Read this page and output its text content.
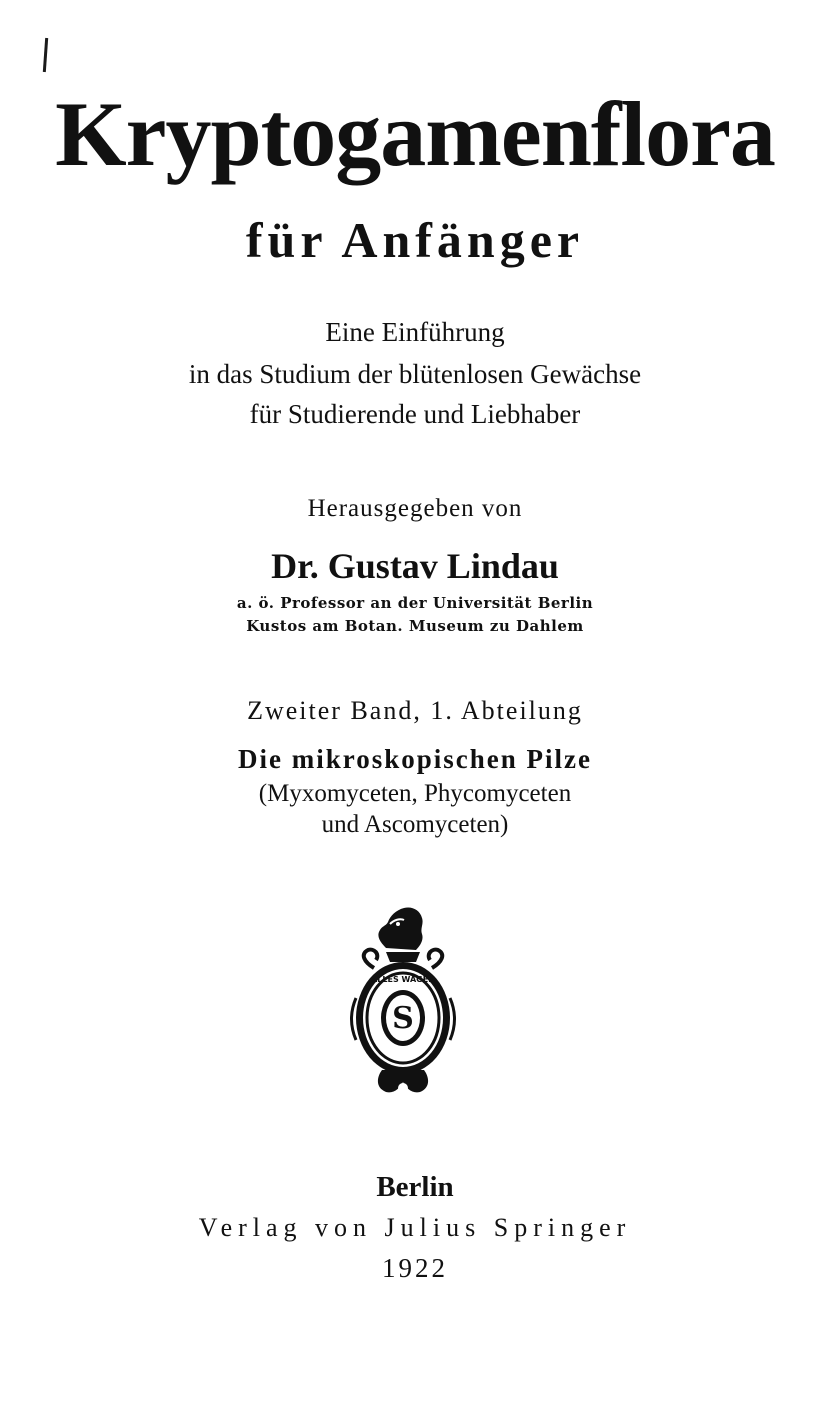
Kryptogamenflora
für Anfänger

Eine Einführung

in das Studium der blütenlosen Gewächse

für Studierende und Liebhaber

Herausgegeben von

Dr. Gustav Lindau

a. ö. Professor an der Universität Berlin

Kustos am Botan. Museum zu Dahlem

Zweiter Band, 1. Abteilung

Die mikroskopischen Pilze

(Myxomyceten, Phycomyceten

und Ascomyceten)

ALLES WAGEN
S

Berlin

Verlag von Julius Springer

1922
